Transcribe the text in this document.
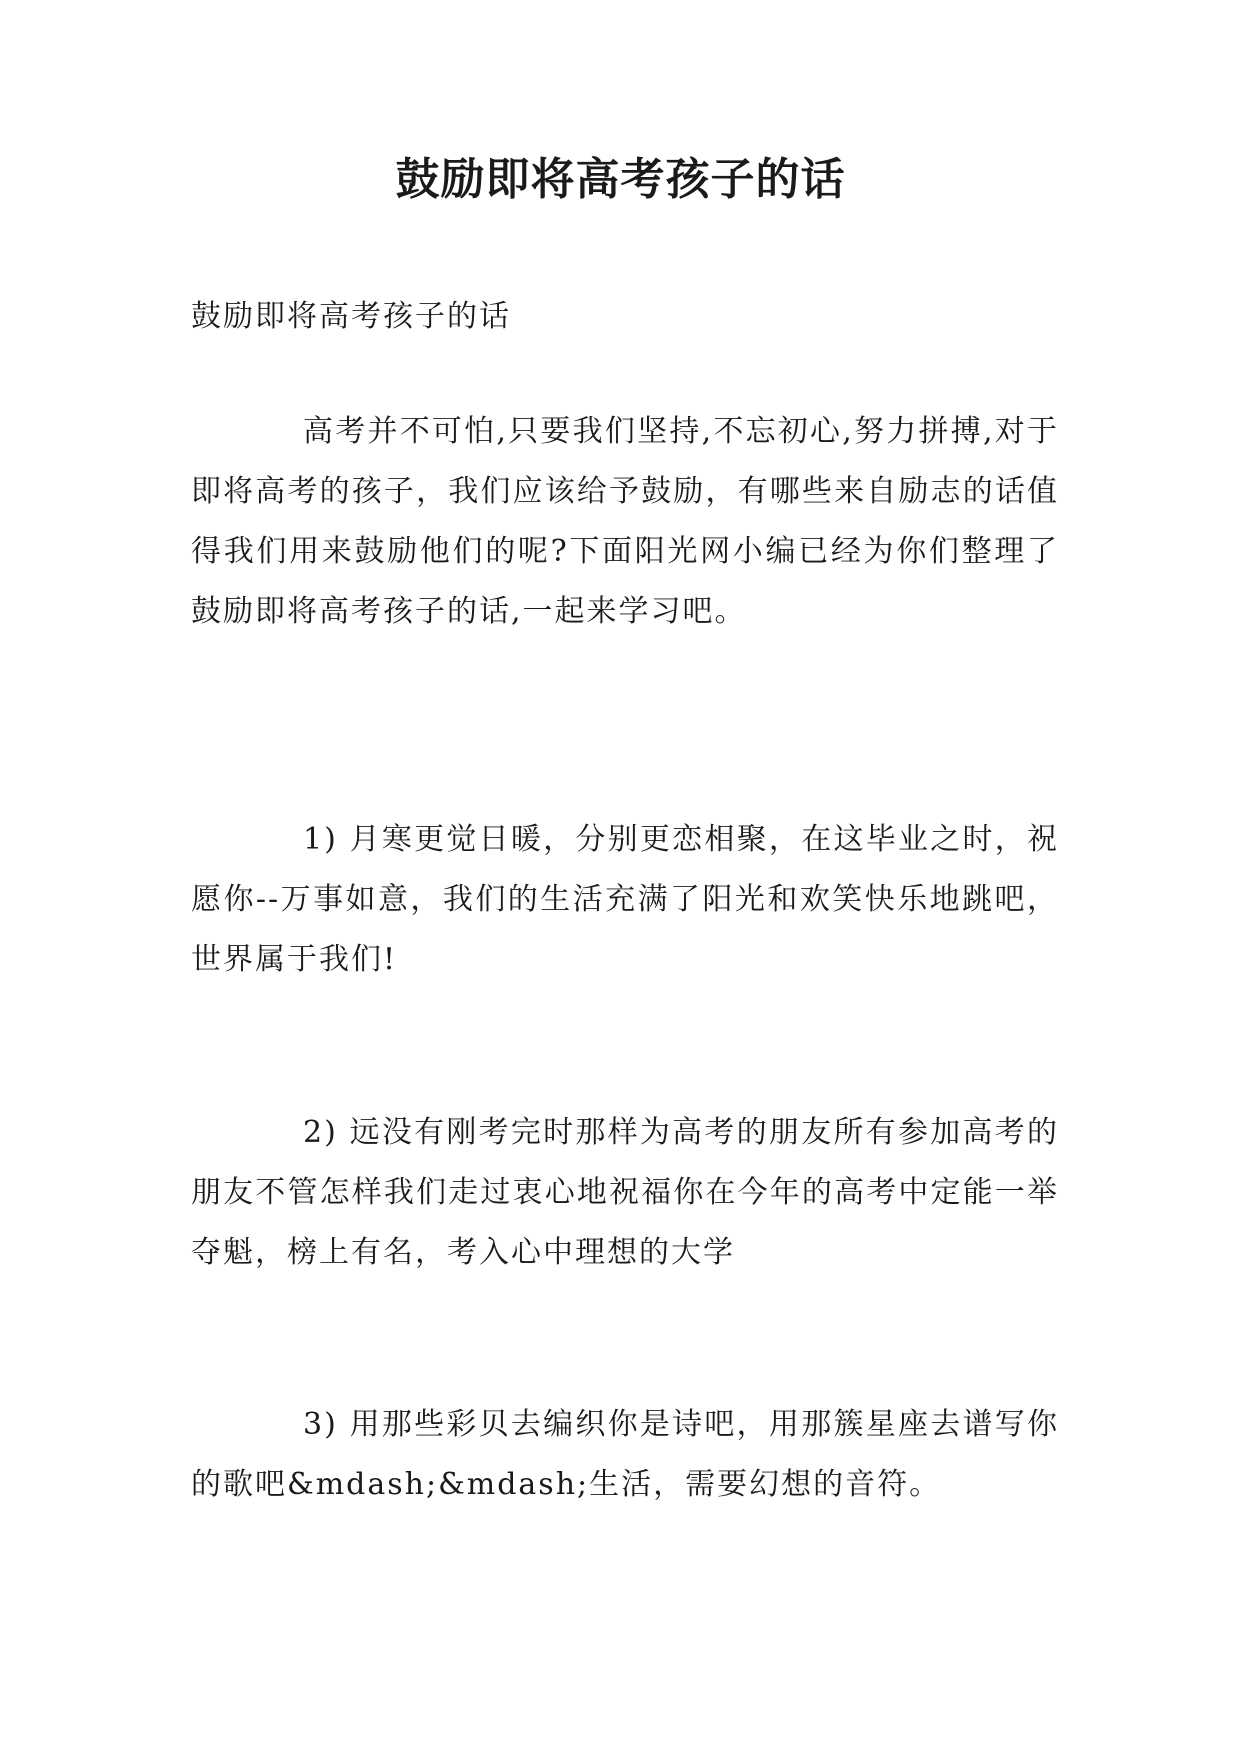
鼓励即将高考孩子的话
鼓励即将高考孩子的话
高考并不可怕,只要我们坚持,不忘初心,努力拼搏,对于即将高考的孩子，我们应该给予鼓励，有哪些来自励志的话值得我们用来鼓励他们的呢?下面阳光网小编已经为你们整理了鼓励即将高考孩子的话,一起来学习吧。
1) 月寒更觉日暖，分别更恋相聚，在这毕业之时，祝愿你--万事如意，我们的生活充满了阳光和欢笑快乐地跳吧，世界属于我们!
2) 远没有刚考完时那样为高考的朋友所有参加高考的朋友不管怎样我们走过衷心地祝福你在今年的高考中定能一举夺魁，榜上有名，考入心中理想的大学
3) 用那些彩贝去编织你是诗吧，用那簇星座去谱写你的歌吧&mdash;&mdash;生活，需要幻想的音符。
